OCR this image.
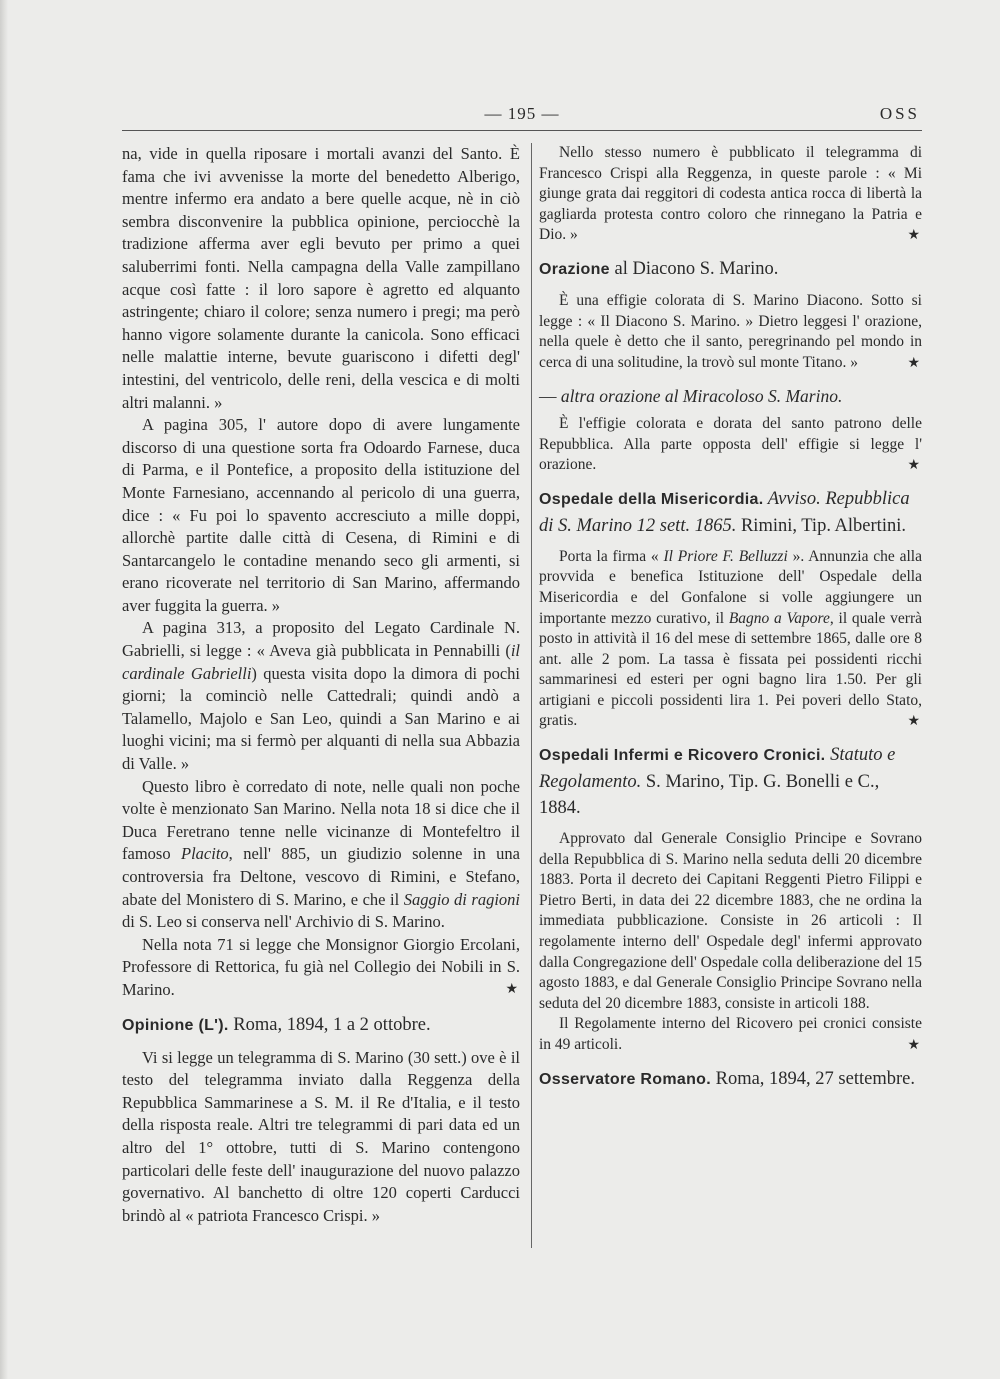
— 195 —	OSS

na, vide in quella riposare i mortali avanzi del Santo. È fama che ivi avvenisse la morte del benedetto Alberigo, mentre infermo era andato a bere quelle acque, nè in ciò sembra disconvenire la pubblica opinione, perciocchè la tradizione afferma aver egli bevuto per primo a quei saluberrimi fonti. Nella campagna della Valle zampillano acque così fatte : il loro sapore è agretto ed alquanto astringente; chiaro il colore; senza numero i pregi; ma però hanno vigore solamente durante la canicola. Sono efficaci nelle malattie interne, bevute guariscono i difetti degl' intestini, del ventricolo, delle reni, della vescica e di molti altri malanni. »

A pagina 305, l' autore dopo di avere lungamente discorso di una questione sorta fra Odoardo Farnese, duca di Parma, e il Pontefice, a proposito della istituzione del Monte Farnesiano, accennando al pericolo di una guerra, dice : « Fu poi lo spavento accresciuto a mille doppi, allorchè partite dalle città di Cesena, di Rimini e di Santarcangelo le contadine menando seco gli armenti, si erano ricoverate nel territorio di San Marino, affermando aver fuggita la guerra. »

A pagina 313, a proposito del Legato Cardinale N. Gabrielli, si legge : « Aveva già pubblicata in Pennabilli (il cardinale Gabrielli) questa visita dopo la dimora di pochi giorni; la cominciò nelle Cattedrali; quindi andò a Talamello, Majolo e San Leo, quindi a San Marino e ai luoghi vicini; ma si fermò per alquanti di nella sua Abbazia di Valle. »

Questo libro è corredato di note, nelle quali non poche volte è menzionato San Marino. Nella nota 18 si dice che il Duca Feretrano tenne nelle vicinanze di Montefeltro il famoso Placito, nell' 885, un giudizio solenne in una controversia fra Deltone, vescovo di Rimini, e Stefano, abate del Monistero di S. Marino, e che il Saggio di ragioni di S. Leo si conserva nell' Archivio di S. Marino.

Nella nota 71 si legge che Monsignor Giorgio Ercolani, Professore di Rettorica, fu già nel Collegio dei Nobili in S. Marino.	★

Opinione (L'). Roma, 1894, 1 a 2 ottobre.

Vi si legge un telegramma di S. Marino (30 sett.) ove è il testo del telegramma inviato dalla Reggenza della Repubblica Sammarinese a S. M. il Re d'Italia, e il testo della risposta reale. Altri tre telegrammi di pari data ed un altro del 1° ottobre, tutti di S. Marino contengono particolari delle feste dell' inaugurazione del nuovo palazzo governativo. Al banchetto di oltre 120 coperti Carducci brindò al « patriota Francesco Crispi. »

Nello stesso numero è pubblicato il telegramma di Francesco Crispi alla Reggenza, in queste parole : « Mi giunge grata dai reggitori di codesta antica rocca di libertà la gagliarda protesta contro coloro che rinnegano la Patria e Dio. »	★

Orazione al Diacono S. Marino.

È una effigie colorata di S. Marino Diacono. Sotto si legge : « Il Diacono S. Marino. » Dietro leggesi l' orazione, nella quele è detto che il santo, peregrinando pel mondo in cerca di una solitudine, la trovò sul monte Titano. »	★

— altra orazione al Miracoloso S. Marino.

È l'effigie colorata e dorata del santo patrono delle Repubblica. Alla parte opposta dell' effigie si legge l' orazione.	★

Ospedale della Misericordia. Avviso. Repubblica di S. Marino 12 sett. 1865. Rimini, Tip. Albertini.

Porta la firma « Il Priore F. Belluzzi ». Annunzia che alla provvida e benefica Istituzione dell' Ospedale della Misericordia e del Gonfalone si volle aggiungere un importante mezzo curativo, il Bagno a Vapore, il quale verrà posto in attività il 16 del mese di settembre 1865, dalle ore 8 ant. alle 2 pom. La tassa è fissata pei possidenti ricchi sammarinesi ed esteri per ogni bagno lira 1.50. Per gli artigiani e piccoli possidenti lira 1. Pei poveri dello Stato, gratis.	★

Ospedali Infermi e Ricovero Cronici. Statuto e Regolamento. S. Marino, Tip. G. Bonelli e C., 1884.

Approvato dal Generale Consiglio Principe e Sovrano della Repubblica di S. Marino nella seduta delli 20 dicembre 1883. Porta il decreto dei Capitani Reggenti Pietro Filippi e Pietro Berti, in data dei 22 dicembre 1883, che ne ordina la immediata pubblicazione. Consiste in 26 articoli : Il regolamente interno dell' Ospedale degl' infermi approvato dalla Congregazione dell' Ospedale colla deliberazione del 15 agosto 1883, e dal Generale Consiglio Principe Sovrano nella seduta del 20 dicembre 1883, consiste in articoli 188.

Il Regolamente interno del Ricovero pei cronici consiste in 49 articoli.	★

Osservatore Romano. Roma, 1894, 27 settembre.
